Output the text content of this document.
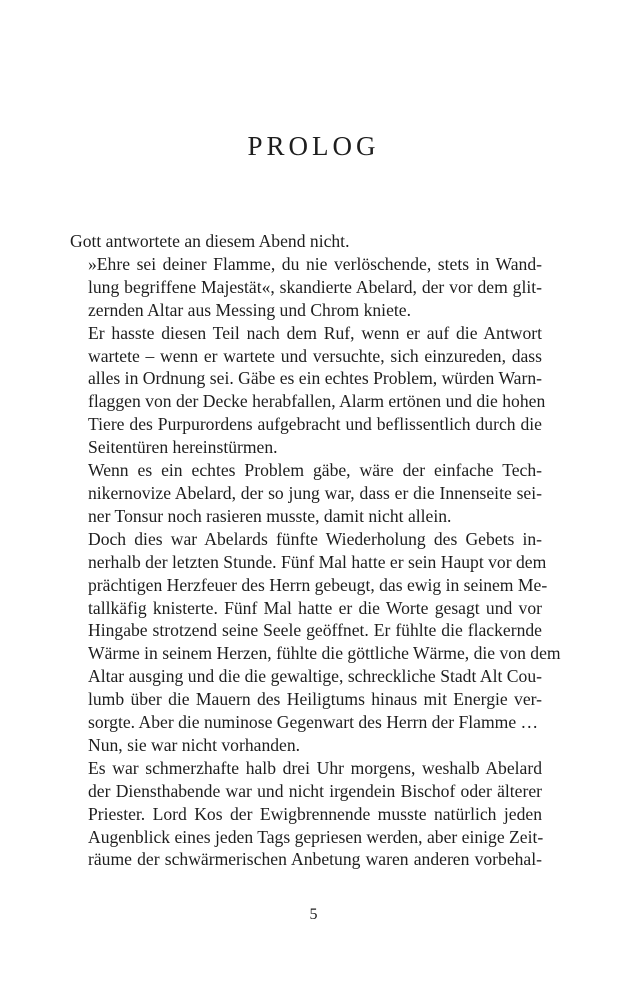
PROLOG

Gott antwortete an diesem Abend nicht.

»Ehre sei deiner Flamme, du nie verlöschende, stets in Wand-
lung begriffene Majestät«, skandierte Abelard, der vor dem glit-
zernden Altar aus Messing und Chrom kniete.

Er hasste diesen Teil nach dem Ruf, wenn er auf die Antwort
wartete – wenn er wartete und versuchte, sich einzureden, dass
alles in Ordnung sei. Gäbe es ein echtes Problem, würden Warn-
flaggen von der Decke herabfallen, Alarm ertönen und die hohen
Tiere des Purpurordens aufgebracht und beflissentlich durch die
Seitentüren hereinstürmen.

Wenn es ein echtes Problem gäbe, wäre der einfache Tech-
nikernovize Abelard, der so jung war, dass er die Innenseite sei-
ner Tonsur noch rasieren musste, damit nicht allein.

Doch dies war Abelards fünfte Wiederholung des Gebets in-
nerhalb der letzten Stunde. Fünf Mal hatte er sein Haupt vor dem
prächtigen Herzfeuer des Herrn gebeugt, das ewig in seinem Me-
tallkäfig knisterte. Fünf Mal hatte er die Worte gesagt und vor
Hingabe strotzend seine Seele geöffnet. Er fühlte die flackernde
Wärme in seinem Herzen, fühlte die göttliche Wärme, die von dem
Altar ausging und die die gewaltige, schreckliche Stadt Alt Cou-
lumb über die Mauern des Heiligtums hinaus mit Energie ver-
sorgte. Aber die numinose Gegenwart des Herrn der Flamme …

Nun, sie war nicht vorhanden.

Es war schmerzhafte halb drei Uhr morgens, weshalb Abelard
der Diensthabende war und nicht irgendein Bischof oder älterer
Priester. Lord Kos der Ewigbrennende musste natürlich jeden
Augenblick eines jeden Tags gepriesen werden, aber einige Zeit-
räume der schwärmerischen Anbetung waren anderen vorbehal-

5
